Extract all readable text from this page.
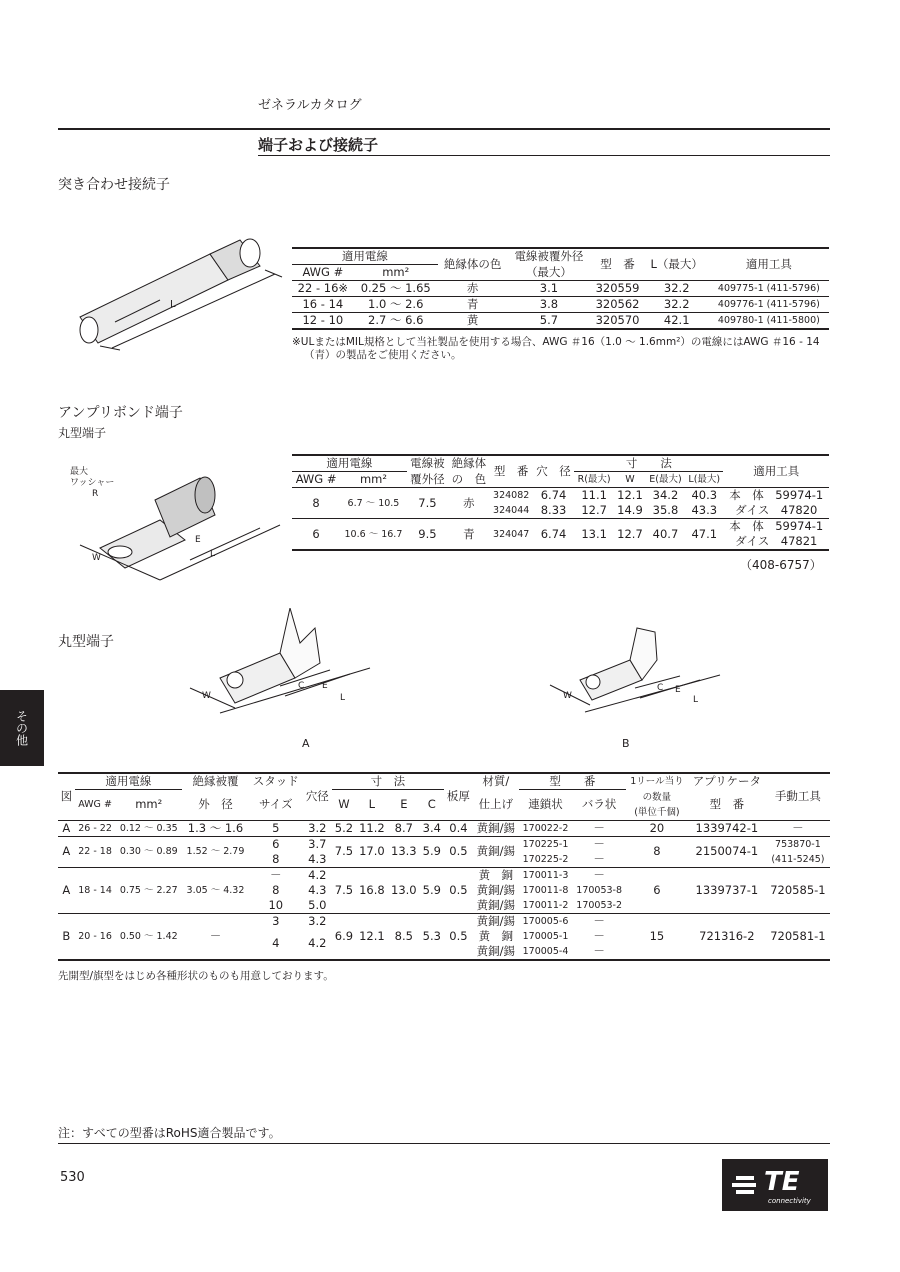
ゼネラルカタログ
端子および接続子
突き合わせ接続子
L
適用電線		絶縁体の色	電線被覆外径	型　番	L（最大）	適用工具
AWG #	mm²		（最大）			
22 - 16※	0.25 ～ 1.65	赤	3.1	320559	32.2	409775-1 (411-5796)
16 - 14	1.0 ～ 2.6	青	3.8	320562	32.2	409776-1 (411-5796)
12 - 10	2.7 ～ 6.6	黄	5.7	320570	42.1	409780-1 (411-5800)
※ULまたはMIL規格として当社製品を使用する場合、AWG ＃16（1.0 ～ 1.6mm²）の電線にはAWG ＃16 - 14
（青）の製品をご使用ください。
アンプリボンド端子
丸型端子
最大
ワッシャー
R
W
E
L
適用電線		電線被	絶縁体	型　番	穴　径	寸　　法				適用工具
AWG #	mm²	覆外径	の　色			R(最大)	W	E(最大)	L(最大)	
8	6.7 ～ 10.5	7.5	赤	324082	6.74	11.1	12.1	34.2	40.3	本　体　59974-1
				324044	8.33	12.7	14.9	35.8	43.3	ダイス　47820
6	10.6 ～ 16.7	9.5	青	324047	6.74	13.1	12.7	40.7	47.1	本　体　59974-1
										ダイス　47821
（408-6757）
丸型端子
W
C E
L
A
W
C E
L
B
図	適用電線		絶縁被覆	スタッド	穴径	寸　法				板厚	材質/	型　　番		1リール当り	アプリケータ	手動工具
	AWG #	mm²	外　径	サイズ		W	L	E	C		仕上げ	連鎖状	バラ状	の数量
(単位千個)	型　番	
A	26 - 22	0.12 ～ 0.35	1.3 ～ 1.6	5	3.2	5.2	11.2	8.7	3.4	0.4	黄銅/錫	170022-2	－	20	1339742-1	－
A	22 - 18	0.30 ～ 0.89	1.52 ～ 2.79	6	3.7	7.5	17.0	13.3	5.9	0.5	黄銅/錫	170225-1	－	8	2150074-1	753870-1
				8	4.3							170225-2	－			(411-5245)
A	18 - 14	0.75 ～ 2.27	3.05 ～ 4.32	－	4.2	7.5	16.8	13.0	5.9	0.5	黄　銅	170011-3	－	6	1339737-1	720585-1
				8	4.3						黄銅/錫	170011-8	170053-8			
				10	5.0						黄銅/錫	170011-2	170053-2			
B	20 - 16	0.50 ～ 1.42	－	3	3.2	6.9	12.1	8.5	5.3	0.5	黄銅/錫	170005-6	－	15	721316-2	720581-1
				4	4.2						黄　銅	170005-1	－			
											黄銅/錫	170005-4	－			
先開型/旗型をはじめ各種形状のものも用意しております。
その他
注：すべての型番はRoHS適合製品です。
530	TE
connectivity
